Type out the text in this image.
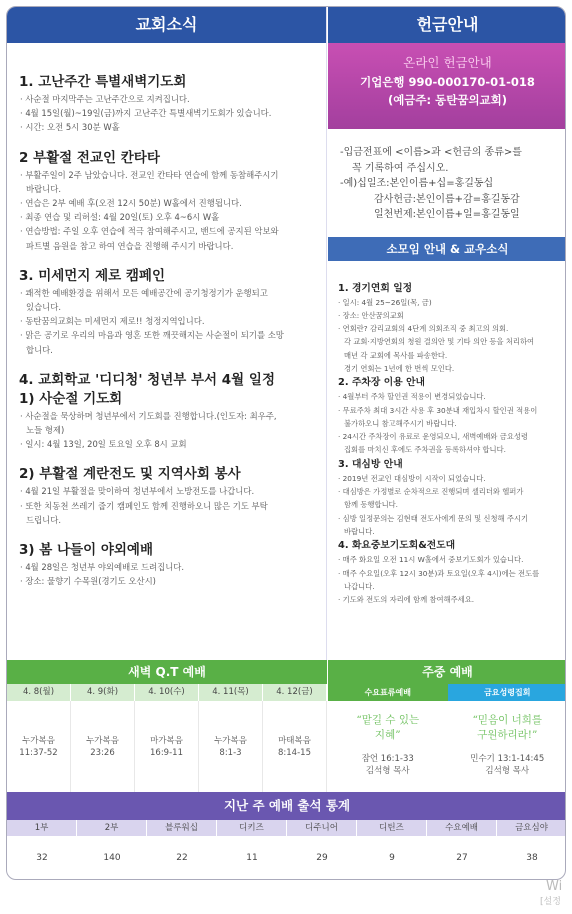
교회소식
1. 고난주간 특별새벽기도회
· 사순절 마지막주는 고난주간으로 지켜집니다.
· 4월 15일(월)~19일(금)까지 고난주간 특별새벽기도회가 있습니다.
· 시간: 오전 5시 30분 W홀
2 부활절 전교인 칸타타
· 부활주일이 2주 남았습니다. 전교인 칸타타 연습에 함께 동참해주시기
바랍니다.
· 연습은 2부 예배 후(오전 12시 50분) W홀에서 진행됩니다.
· 최종 연습 및 리허설: 4월 20일(토) 오후 4~6시 W홀
· 연습방법: 주일 오후 연습에 적극 참여해주시고, 밴드에 공지된 악보와
파트별 음원을 참고 하여 연습을 진행해 주시기 바랍니다.
3. 미세먼지 제로 캠페인
· 쾌적한 예배환경을 위해서 모든 예배공간에 공기청정기가 운행되고
있습니다.
· 동탄꿈의교회는 미세먼지 제로!! 청정지역입니다.
· 맑은 공기로 우리의 마음과 영혼 또한 깨끗해지는 사순절이 되기를 소망
합니다.
4. 교회학교 '디디청' 청년부 부서 4월 일정
1) 사순절 기도회
· 사순절을 묵상하며 청년부에서 기도회를 진행합니다.(인도자: 최우주,
노들 형제)
· 일시: 4월 13일, 20일 토요일 오후 8시 교회
2) 부활절 계란전도 및 지역사회 봉사
· 4월 21일 부활절을 맞이하여 청년부에서 노방전도를 나갑니다.
· 또한 치동천 쓰레기 줍기 캠페인도 함께 진행하오니 많은 기도 부탁
드립니다.
3) 봄 나들이 야외예배
· 4월 28일은 청년부 야외예배로 드려집니다.
· 장소: 물향기 수목원(경기도 오산시)
헌금안내
온라인 헌금안내
기업은행 990-000170-01-018
(예금주: 동탄꿈의교회)
-입금전표에 <이름>과 <헌금의 종류>를
꼭 기록하여 주십시오.
-예)십일조:본인이름+십=홍길동십
감사헌금:본인이름+감=홍길동감
일천번제:본인이름+일=홍길동일
소모임 안내 & 교우소식
1. 경기연회 일정
· 일시: 4월 25~26일(목, 금)
· 장소: 안산꿈의교회
· 연회란? 감리교회의 4단계 의회조직 중 최고의 의회.
각 교회·지방연회의 청원 결의안 및 기타 의안 등을 처리하여
매년 각 교회에 목사를 파송한다.
경기 연회는 1년에 한 번씩 모인다.
2. 주차장 이용 안내
· 4월부터 주차 할인권 적용이 변경되었습니다.
· 무료주차 최대 3시간 사용 후 30분내 재입차시 할인권 적용이
불가하오니 참고해주시기 바랍니다.
· 24시간 주차장이 유료로 운영되오니, 새벽예배와 금요성령
집회를 마치신 후에도 주차권을 등록하셔야 합니다.
3. 대심방 안내
· 2019년 전교인 대심방이 시작이 되었습니다.
· 대심방은 가정별로 순차적으로 진행되며 셀리더와 헬퍼가
함께 동행합니다.
· 심방 일정문의는 김현태 전도사에게 문의 및 신청해 주시기
바랍니다.
4. 화요중보기도회&전도대
· 매주 화요일 오전 11시 W홀에서 중보기도회가 있습니다.
· 매주 수요일(오후 12시 30분)과 토요일(오후 4시)에는 전도를
나갑니다.
· 기도와 전도의 자리에 함께 참여해주세요.
새벽 Q.T 예배	주중 예배
4. 8(월)
누가복음
11:37-52
4. 9(화)
누가복음
23:26
4. 10(수)
마가복음
16:9-11
4. 11(목)
누가복음
8:1-3
4. 12(금)
마태복음
8:14-15
수요표류예배
“맡길 수 있는
지혜”
잠언 16:1-33
김석형 목사
금요성령집회
“믿음이 너희를
구원하리라!”
민수기 13:1-14:45
김석형 목사
지난 주 예배 출석 통계
1부
32
2부
140
블루워십
22
디키즈
11
디주니어
29
디틴즈
9
수요예배
27
금요심야
38
Wi
[설정
